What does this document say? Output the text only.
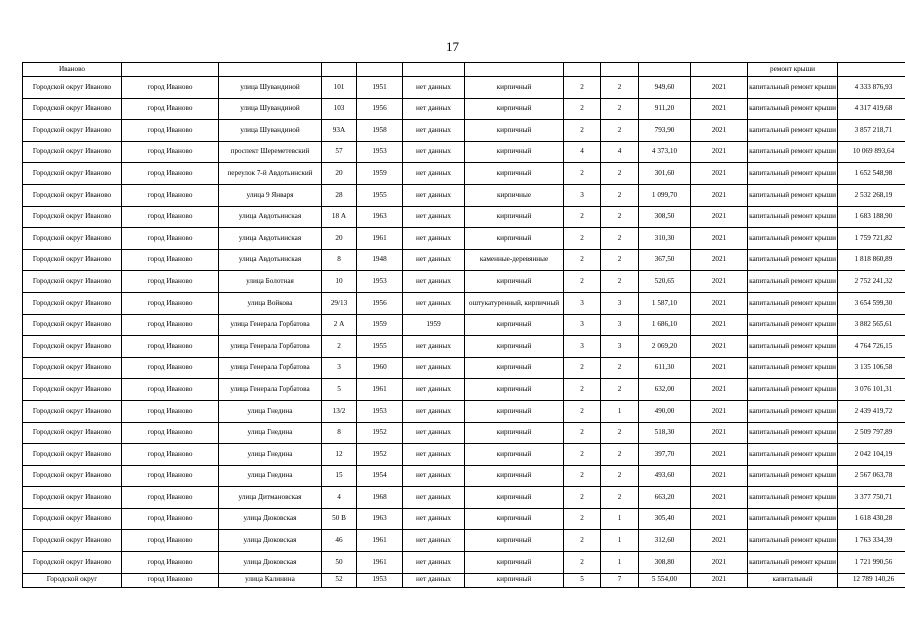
17
Иваново											ремонт крыши	
Городской округ Иваново	город Иваново	улица Шувандиной	101	1951	нет данных	кирпичный	2	2	949,60	2021	капитальный ремонт крыши	4 333 876,93
Городской округ Иваново	город Иваново	улица Шувандиной	103	1956	нет данных	кирпичный	2	2	911,20	2021	капитальный ремонт крыши	4 317 419,68
Городской округ Иваново	город Иваново	улица Шувандиной	93А	1958	нет данных	кирпичный	2	2	793,90	2021	капитальный ремонт крыши	3 857 218,71
Городской округ Иваново	город Иваново	проспект Шереметевский	57	1953	нет данных	кирпичный	4	4	4 373,10	2021	капитальный ремонт крыши	10 069 893,64
Городской округ Иваново	город Иваново	переулок 7-й Авдотьинский	20	1959	нет данных	кирпичный	2	2	301,60	2021	капитальный ремонт крыши	1 652 548,98
Городской округ Иваново	город Иваново	улица 9 Января	28	1955	нет данных	кирпичные	3	2	1 099,70	2021	капитальный ремонт крыши	2 532 268,19
Городской округ Иваново	город Иваново	улица Авдотьинская	18 А	1963	нет данных	кирпичный	2	2	308,50	2021	капитальный ремонт крыши	1 683 188,90
Городской округ Иваново	город Иваново	улица Авдотьинская	20	1961	нет данных	кирпичный	2	2	310,30	2021	капитальный ремонт крыши	1 759 721,82
Городской округ Иваново	город Иваново	улица Авдотьинская	8	1948	нет данных	каменные-деревянные	2	2	367,50	2021	капитальный ремонт крыши	1 818 860,89
Городской округ Иваново	город Иваново	улица Болотная	10	1953	нет данных	кирпичный	2	2	520,65	2021	капитальный ремонт крыши	2 752 241,32
Городской округ Иваново	город Иваново	улица Войкова	29/13	1956	нет данных	оштукатуренный, кирпичный	3	3	1 587,10	2021	капитальный ремонт крыши	3 654 599,30
Городской округ Иваново	город Иваново	улица Генерала Горбатова	2 А	1959	1959	кирпичный	3	3	1 686,10	2021	капитальный ремонт крыши	3 882 565,61
Городской округ Иваново	город Иваново	улица Генерала Горбатова	2	1955	нет данных	кирпичный	3	3	2 069,20	2021	капитальный ремонт крыши	4 764 726,15
Городской округ Иваново	город Иваново	улица Генерала Горбатова	3	1960	нет данных	кирпичный	2	2	611,30	2021	капитальный ремонт крыши	3 135 106,58
Городской округ Иваново	город Иваново	улица Генерала Горбатова	5	1961	нет данных	кирпичный	2	2	632,00	2021	капитальный ремонт крыши	3 076 101,31
Городской округ Иваново	город Иваново	улица Гнедина	13/2	1953	нет данных	кирпичный	2	1	490,00	2021	капитальный ремонт крыши	2 439 419,72
Городской округ Иваново	город Иваново	улица Гнедина	8	1952	нет данных	кирпичный	2	2	518,30	2021	капитальный ремонт крыши	2 509 797,89
Городской округ Иваново	город Иваново	улица Гнедина	12	1952	нет данных	кирпичный	2	2	397,70	2021	капитальный ремонт крыши	2 042 104,19
Городской округ Иваново	город Иваново	улица Гнедина	15	1954	нет данных	кирпичный	2	2	493,60	2021	капитальный ремонт крыши	2 567 063,78
Городской округ Иваново	город Иваново	улица Дитмановская	4	1968	нет данных	кирпичный	2	2	663,20	2021	капитальный ремонт крыши	3 377 750,71
Городской округ Иваново	город Иваново	улица Дюковская	50 В	1963	нет данных	кирпичный	2	1	305,40	2021	капитальный ремонт крыши	1 618 430,28
Городской округ Иваново	город Иваново	улица Дюковская	46	1961	нет данных	кирпичный	2	1	312,60	2021	капитальный ремонт крыши	1 763 334,39
Городской округ Иваново	город Иваново	улица Дюковская	50	1961	нет данных	кирпичный	2	1	308,80	2021	капитальный ремонт крыши	1 721 990,56
Городской округ	город Иваново	улица Калинина	52	1953	нет данных	кирпичный	5	7	5 554,00	2021	капитальный	12 789 140,26
